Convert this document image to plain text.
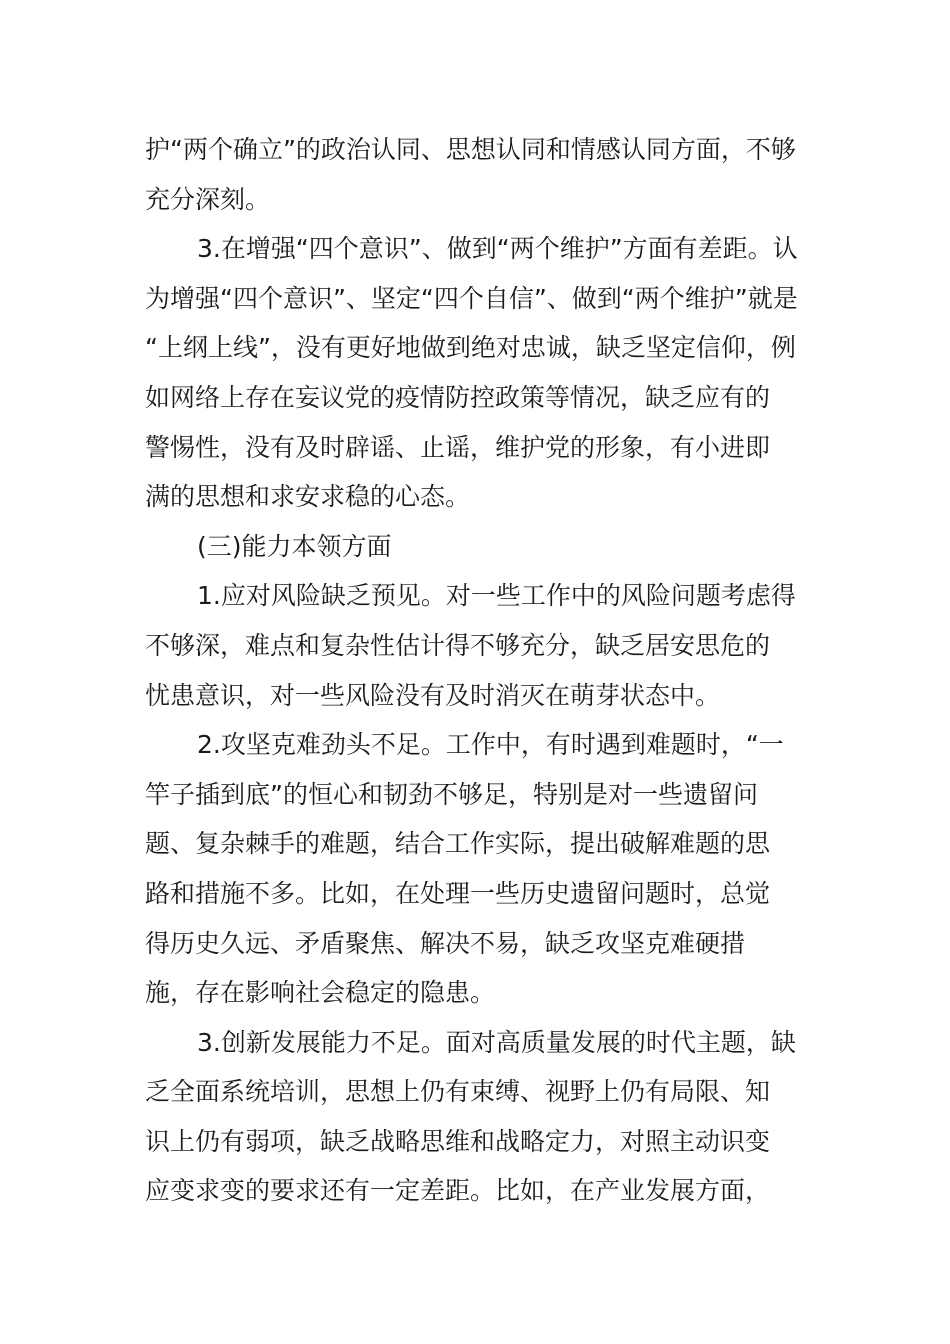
护“两个确立”的政治认同、思想认同和情感认同方面，不够
充分深刻。
3.在增强“四个意识”、做到“两个维护”方面有差距。认
为增强“四个意识”、坚定“四个自信”、做到“两个维护”就是
“上纲上线”，没有更好地做到绝对忠诚，缺乏坚定信仰，例
如网络上存在妄议党的疫情防控政策等情况，缺乏应有的
警惕性，没有及时辟谣、止谣，维护党的形象，有小进即
满的思想和求安求稳的心态。
(三)能力本领方面
1.应对风险缺乏预见。对一些工作中的风险问题考虑得
不够深，难点和复杂性估计得不够充分，缺乏居安思危的
忧患意识，对一些风险没有及时消灭在萌芽状态中。
2.攻坚克难劲头不足。工作中，有时遇到难题时，“一
竿子插到底”的恒心和韧劲不够足，特别是对一些遗留问
题、复杂棘手的难题，结合工作实际，提出破解难题的思
路和措施不多。比如，在处理一些历史遗留问题时，总觉
得历史久远、矛盾聚焦、解决不易，缺乏攻坚克难硬措
施，存在影响社会稳定的隐患。
3.创新发展能力不足。面对高质量发展的时代主题，缺
乏全面系统培训，思想上仍有束缚、视野上仍有局限、知
识上仍有弱项，缺乏战略思维和战略定力，对照主动识变
应变求变的要求还有一定差距。比如，在产业发展方面，
